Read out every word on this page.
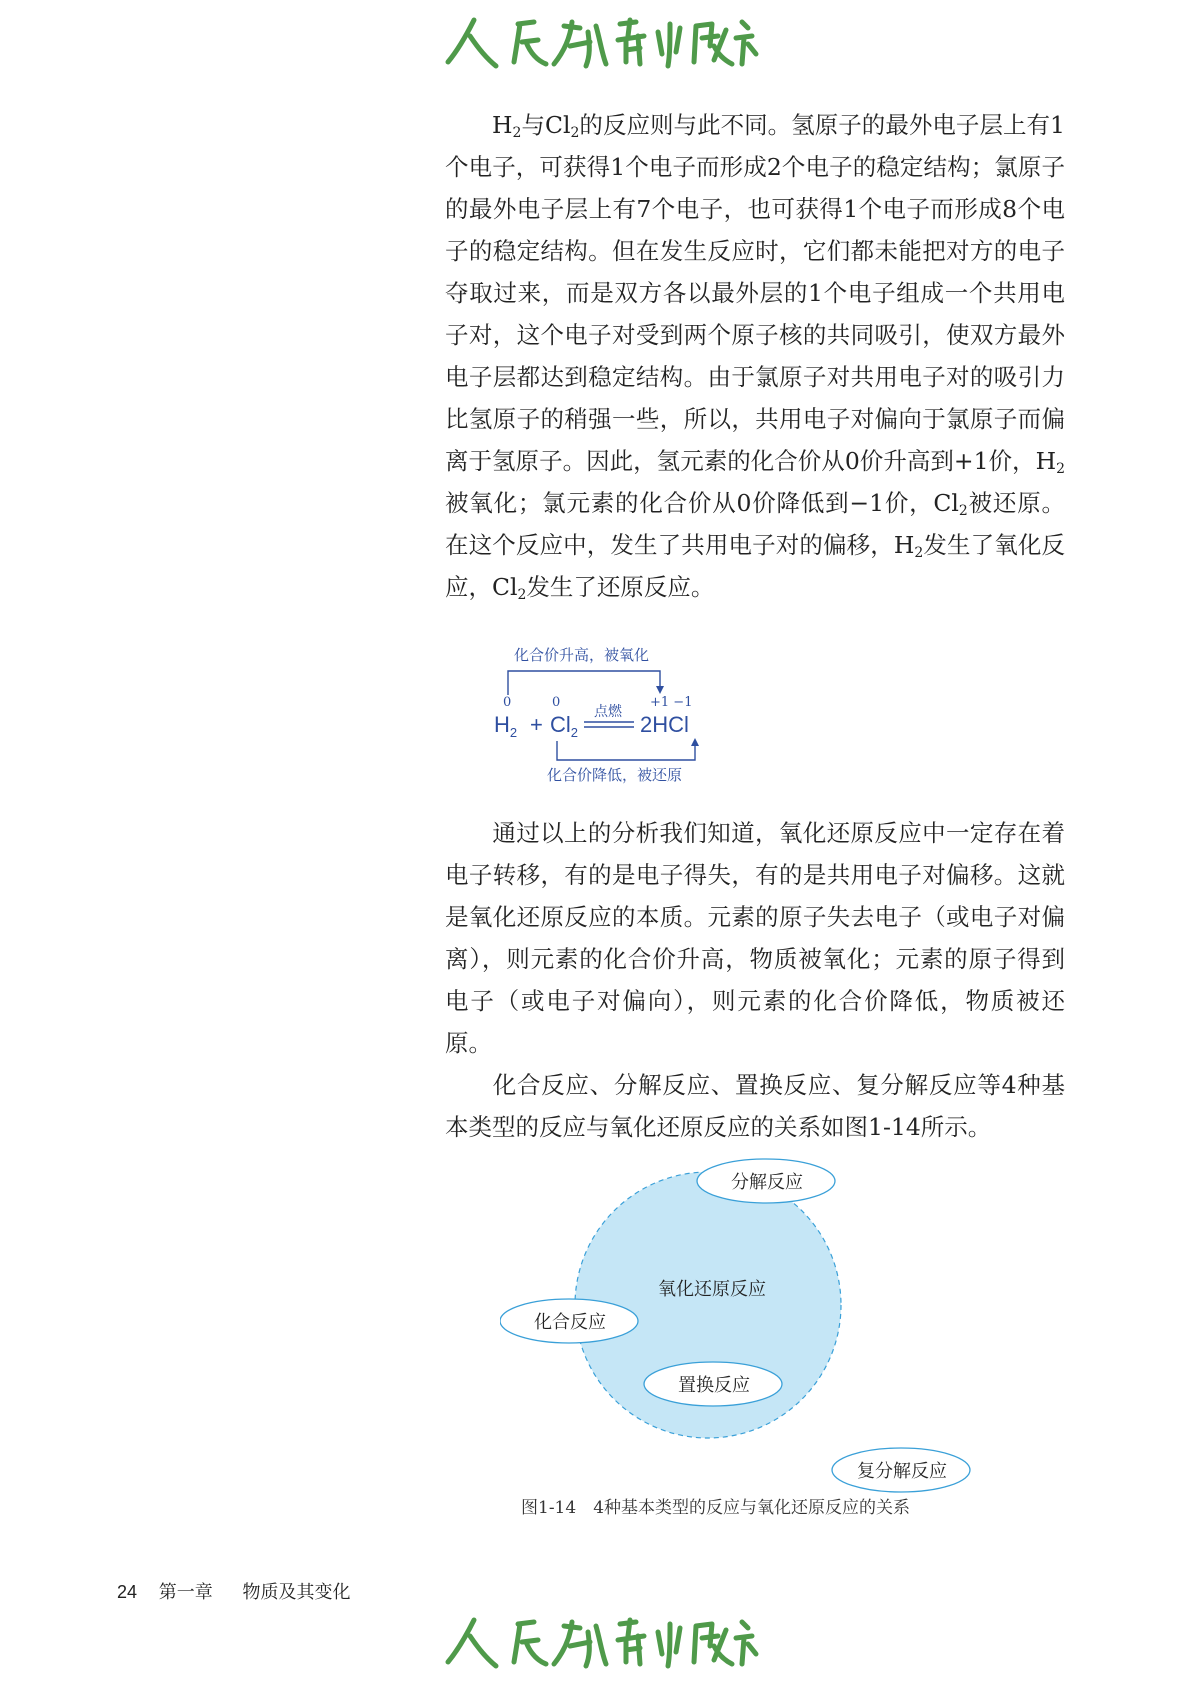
$H_2$与$Cl_2$的反应则与此不同。氢原子的最外电子层上有1个电子，可获得1个电子而形成2个电子的稳定结构；氯原子的最外电子层上有7个电子，也可获得1个电子而形成8个电子的稳定结构。但在发生反应时，它们都未能把对方的电子夺取过来，而是双方各以最外层的1个电子组成一个共用电子对，这个电子对受到两个原子核的共同吸引，使双方最外电子层都达到稳定结构。由于氯原子对共用电子对的吸引力比氢原子的稍强一些，所以，共用电子对偏向于氯原子而偏离于氢原子。因此，氢元素的化合价从0价升高到+1价，$H_2$被氧化；氯元素的化合价从0价降低到−1价，$Cl_2$被还原。在这个反应中，发生了共用电子对的偏移，$H_2$发生了氧化反应，$Cl_2$发生了还原反应。

化合价升高，被氧化
0	0	+1 −1
点燃
$H_2 + Cl_2$	2HCl
化合价降低，被还原

通过以上的分析我们知道，氧化还原反应中一定存在着电子转移，有的是电子得失，有的是共用电子对偏移。这就是氧化还原反应的本质。元素的原子失去电子（或电子对偏离），则元素的化合价升高，物质被氧化；元素的原子得到电子（或电子对偏向），则元素的化合价降低，物质被还原。

化合反应、分解反应、置换反应、复分解反应等4种基本类型的反应与氧化还原反应的关系如图1-14所示。

氧化还原反应
分解反应
化合反应
置换反应
复分解反应
图1-14　4种基本类型的反应与氧化还原反应的关系
24 第一章 物质及其变化
